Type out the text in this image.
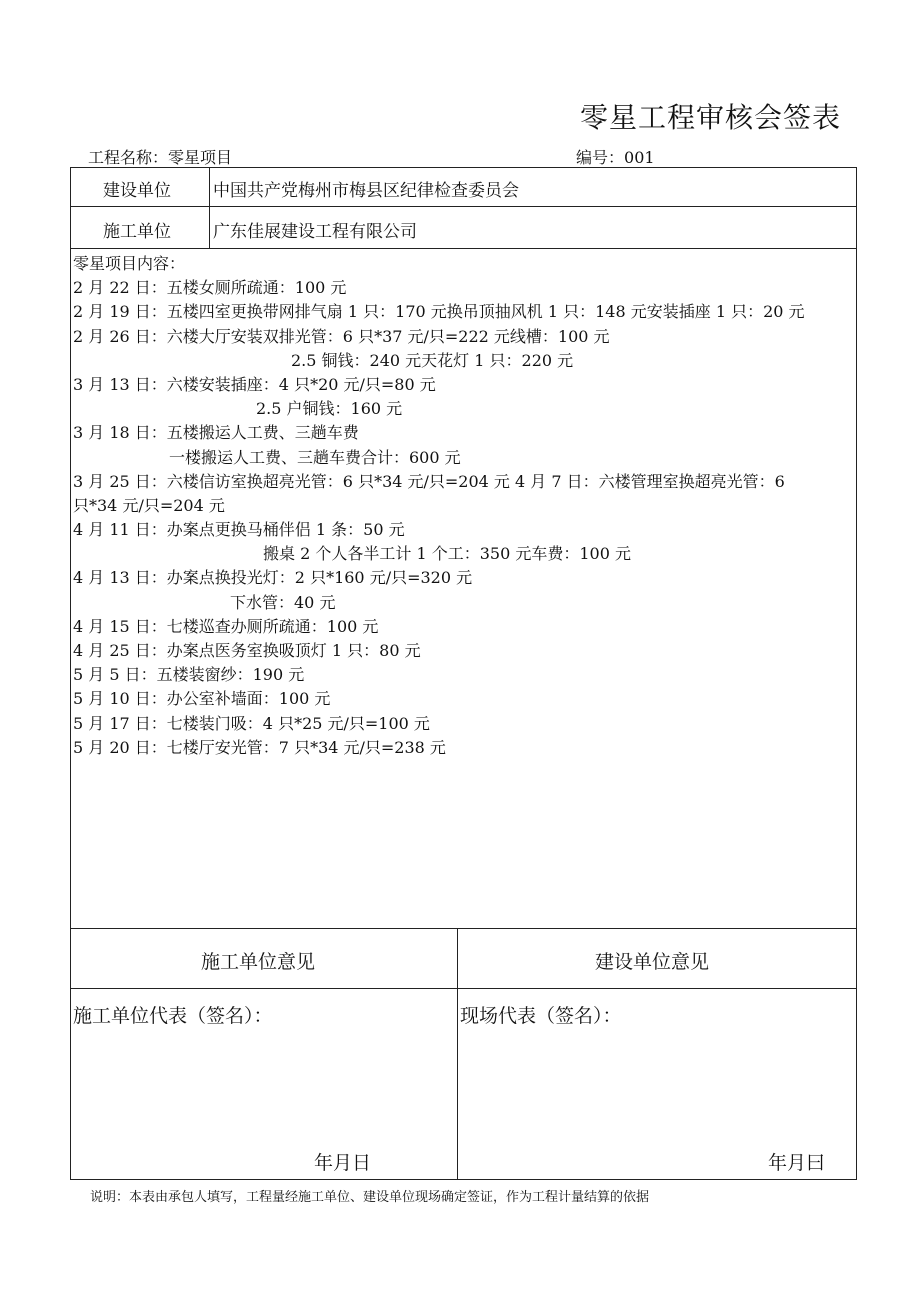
零星工程审核会签表
工程名称：零星项目	编号：001
建设单位 中国共产党梅州市梅县区纪律检查委员会
施工单位 广东佳展建设工程有限公司
零星项目内容：
2 月 22 日：五楼女厕所疏通：100 元
2 月 19 日：五楼四室更换带网排气扇 1 只：170 元换吊顶抽风机 1 只：148 元安装插座 1 只：20 元
2 月 26 日：六楼大厅安装双排光管：6 只*37 元/只=222 元线槽：100 元
2.5 铜钱：240 元天花灯 1 只：220 元
3 月 13 日：六楼安装插座：4 只*20 元/只=80 元
2.5 户铜钱：160 元
3 月 18 日：五楼搬运人工费、三趟车费
一楼搬运人工费、三趟车费合计：600 元
3 月 25 日：六楼信访室换超亮光管：6 只*34 元/只=204 元 4 月 7 日：六楼管理室换超亮光管：6
只*34 元/只=204 元
4 月 11 日：办案点更换马桶伴侣 1 条：50 元
搬桌 2 个人各半工计 1 个工：350 元车费：100 元
4 月 13 日：办案点换投光灯：2 只*160 元/只=320 元
下水管：40 元
4 月 15 日：七楼巡查办厕所疏通：100 元
4 月 25 日：办案点医务室换吸顶灯 1 只：80 元
5 月 5 日：五楼装窗纱：190 元
5 月 10 日：办公室补墙面：100 元
5 月 17 日：七楼装门吸：4 只*25 元/只=100 元
5 月 20 日：七楼厅安光管：7 只*34 元/只=238 元
施工单位意见	建设单位意见
施工单位代表（签名）：	现场代表（签名）：
年月日	年月曰
说明：本表由承包人填写，工程量经施工单位、建设单位现场确定签证，作为工程计量结算的依据
